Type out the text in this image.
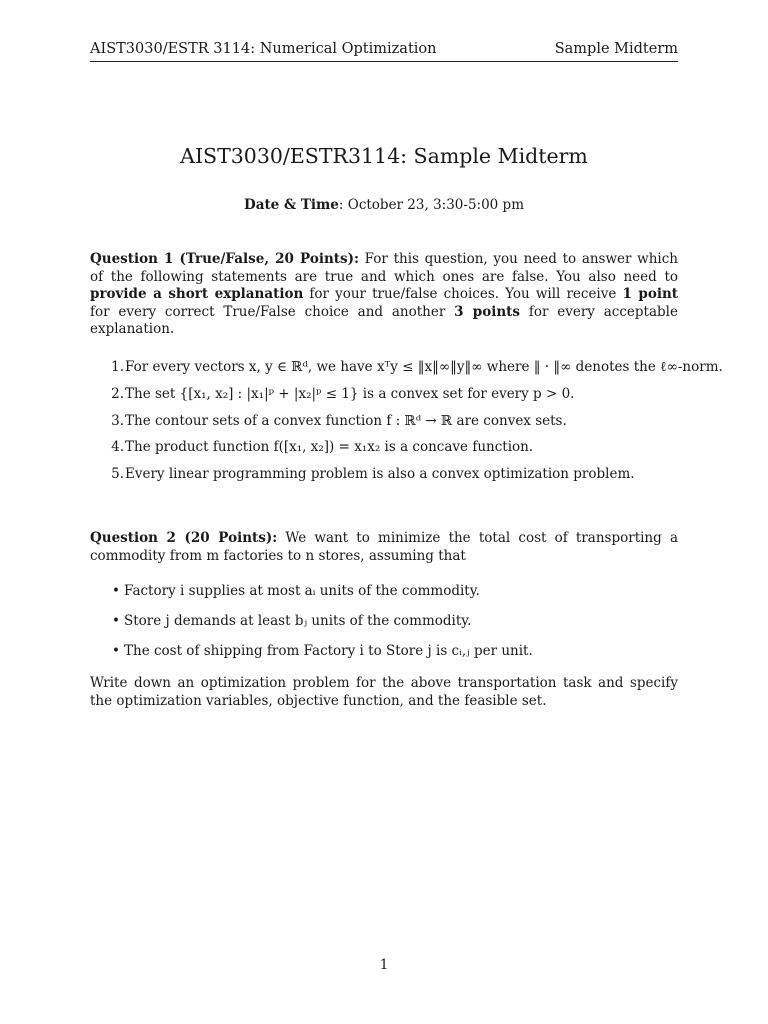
AIST3030/ESTR 3114: Numerical Optimization	Sample Midterm
AIST3030/ESTR3114: Sample Midterm
Date & Time: October 23, 3:30-5:00 pm
Question 1 (True/False, 20 Points): For this question, you need to answer which of the following statements are true and which ones are false. You also need to provide a short explanation for your true/false choices. You will receive 1 point for every correct True/False choice and another 3 points for every acceptable explanation.
1. For every vectors x, y ∈ ℝᵈ, we have xᵀy ≤ ‖x‖∞‖y‖∞ where ‖ · ‖∞ denotes the ℓ∞-norm.
2. The set {[x₁, x₂] : |x₁|ᵖ + |x₂|ᵖ ≤ 1} is a convex set for every p > 0.
3. The contour sets of a convex function f : ℝᵈ → ℝ are convex sets.
4. The product function f([x₁, x₂]) = x₁x₂ is a concave function.
5. Every linear programming problem is also a convex optimization problem.
Question 2 (20 Points): We want to minimize the total cost of transporting a commodity from m factories to n stores, assuming that
• Factory i supplies at most aᵢ units of the commodity.
• Store j demands at least bⱼ units of the commodity.
• The cost of shipping from Factory i to Store j is cᵢ,ⱼ per unit.
Write down an optimization problem for the above transportation task and specify the optimization variables, objective function, and the feasible set.
1
